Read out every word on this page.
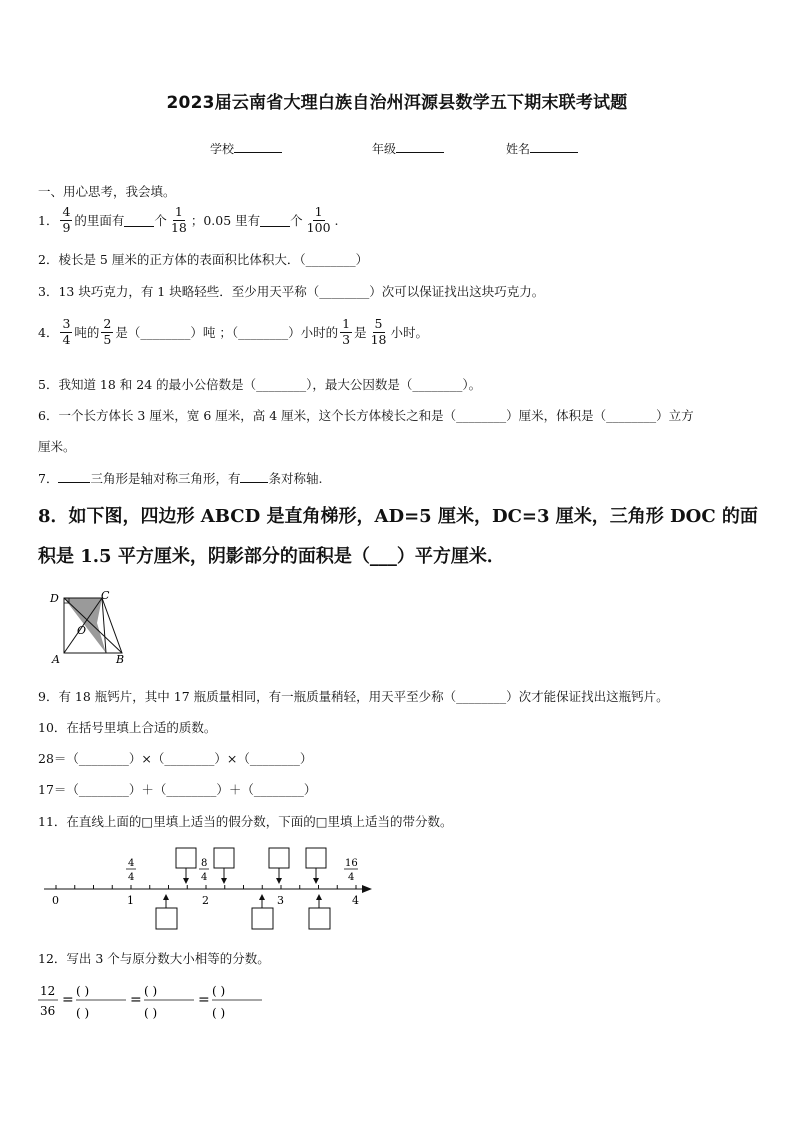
2023届云南省大理白族自治州洱源县数学五下期末联考试题
学校	年级	姓名
一、用心思考，我会填。
1． $\frac{4}{9}$ 的里面有 个 $\frac{1}{18}$ ；0.05 里有 个 $\frac{1}{100}$ .
2．棱长是 5 厘米的正方体的表面积比体积大．（________）
3．13 块巧克力，有 1 块略轻些．至少用天平称（________）次可以保证找出这块巧克力。
4． $\frac{3}{4}$ 吨的 $\frac{2}{5}$ 是（________）吨 ；（________）小时的 $\frac{1}{3}$ 是 $\frac{5}{18}$ 小时。
5．我知道 18 和 24 的最小公倍数是（________），最大公因数是（________）。
6．一个长方体长 3 厘米，宽 6 厘米，高 4 厘米，这个长方体棱长之和是（________）厘米，体积是（________）立方
厘米。
7．	三角形是轴对称三角形，有 条对称轴.
8．如下图，四边形 ABCD 是直角梯形，AD=5 厘米，DC=3 厘米，三角形 DOC 的面
积是 1.5 平方厘米，阴影部分的面积是（___）平方厘米．
D	C
O
A	B
9．有 18 瓶钙片，其中 17 瓶质量相同，有一瓶质量稍轻，用天平至少称（________）次才能保证找出这瓶钙片。
10．在括号里填上合适的质数。
28＝（________）×（________）×（________）
17＝（________）＋（________）＋（________）
11．在直线上面的□里填上适当的假分数，下面的□里填上适当的带分数。
0	1	2	3	4
4
4
8
4
16
4
12．写出 3 个与原分数大小相等的分数。
12
36
=
( )
( )
=
( )
( )
=
( )
( )
